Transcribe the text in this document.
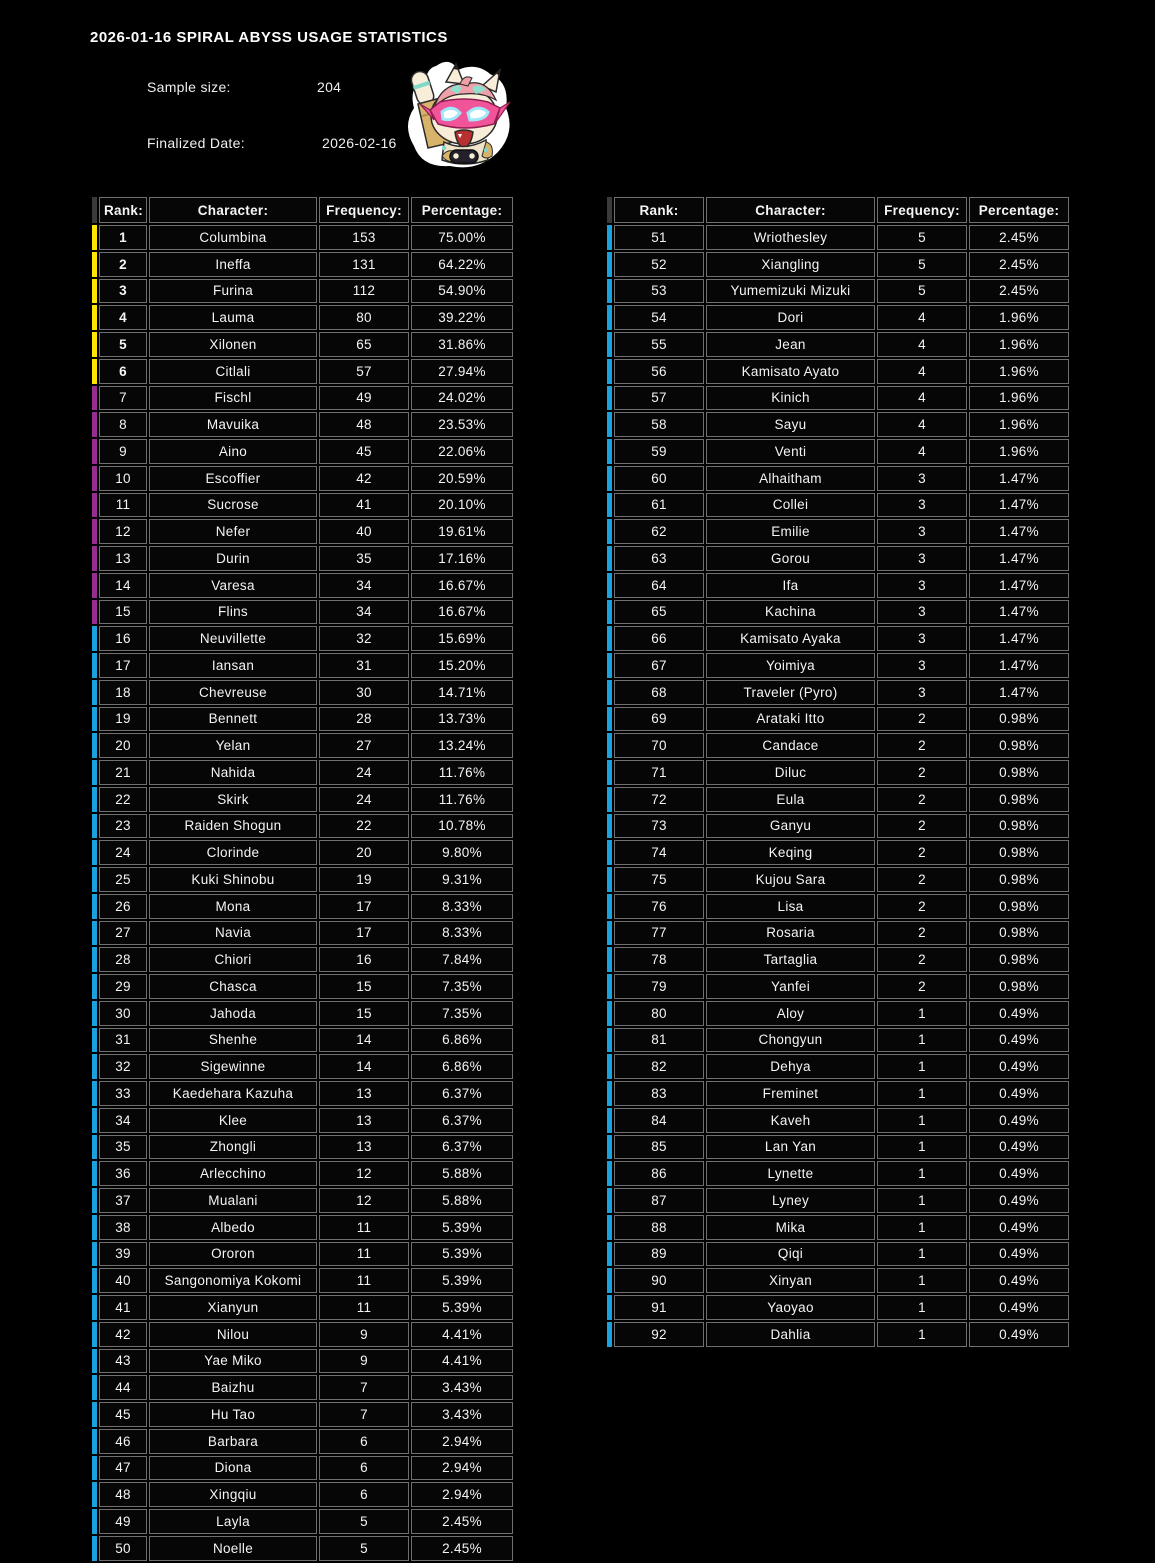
2026-01-16 SPIRAL ABYSS USAGE STATISTICS
Sample size:	204
Finalized Date:	2026-02-16
	Rank:	Character:	Frequency:	Percentage:
	1	Columbina	153	75.00%
	2	Ineffa	131	64.22%
	3	Furina	112	54.90%
	4	Lauma	80	39.22%
	5	Xilonen	65	31.86%
	6	Citlali	57	27.94%
	7	Fischl	49	24.02%
	8	Mavuika	48	23.53%
	9	Aino	45	22.06%
	10	Escoffier	42	20.59%
	11	Sucrose	41	20.10%
	12	Nefer	40	19.61%
	13	Durin	35	17.16%
	14	Varesa	34	16.67%
	15	Flins	34	16.67%
	16	Neuvillette	32	15.69%
	17	Iansan	31	15.20%
	18	Chevreuse	30	14.71%
	19	Bennett	28	13.73%
	20	Yelan	27	13.24%
	21	Nahida	24	11.76%
	22	Skirk	24	11.76%
	23	Raiden Shogun	22	10.78%
	24	Clorinde	20	9.80%
	25	Kuki Shinobu	19	9.31%
	26	Mona	17	8.33%
	27	Navia	17	8.33%
	28	Chiori	16	7.84%
	29	Chasca	15	7.35%
	30	Jahoda	15	7.35%
	31	Shenhe	14	6.86%
	32	Sigewinne	14	6.86%
	33	Kaedehara Kazuha	13	6.37%
	34	Klee	13	6.37%
	35	Zhongli	13	6.37%
	36	Arlecchino	12	5.88%
	37	Mualani	12	5.88%
	38	Albedo	11	5.39%
	39	Ororon	11	5.39%
	40	Sangonomiya Kokomi	11	5.39%
	41	Xianyun	11	5.39%
	42	Nilou	9	4.41%
	43	Yae Miko	9	4.41%
	44	Baizhu	7	3.43%
	45	Hu Tao	7	3.43%
	46	Barbara	6	2.94%
	47	Diona	6	2.94%
	48	Xingqiu	6	2.94%
	49	Layla	5	2.45%
	50	Noelle	5	2.45%
	Rank:	Character:	Frequency:	Percentage:
	51	Wriothesley	5	2.45%
	52	Xiangling	5	2.45%
	53	Yumemizuki Mizuki	5	2.45%
	54	Dori	4	1.96%
	55	Jean	4	1.96%
	56	Kamisato Ayato	4	1.96%
	57	Kinich	4	1.96%
	58	Sayu	4	1.96%
	59	Venti	4	1.96%
	60	Alhaitham	3	1.47%
	61	Collei	3	1.47%
	62	Emilie	3	1.47%
	63	Gorou	3	1.47%
	64	Ifa	3	1.47%
	65	Kachina	3	1.47%
	66	Kamisato Ayaka	3	1.47%
	67	Yoimiya	3	1.47%
	68	Traveler (Pyro)	3	1.47%
	69	Arataki Itto	2	0.98%
	70	Candace	2	0.98%
	71	Diluc	2	0.98%
	72	Eula	2	0.98%
	73	Ganyu	2	0.98%
	74	Keqing	2	0.98%
	75	Kujou Sara	2	0.98%
	76	Lisa	2	0.98%
	77	Rosaria	2	0.98%
	78	Tartaglia	2	0.98%
	79	Yanfei	2	0.98%
	80	Aloy	1	0.49%
	81	Chongyun	1	0.49%
	82	Dehya	1	0.49%
	83	Freminet	1	0.49%
	84	Kaveh	1	0.49%
	85	Lan Yan	1	0.49%
	86	Lynette	1	0.49%
	87	Lyney	1	0.49%
	88	Mika	1	0.49%
	89	Qiqi	1	0.49%
	90	Xinyan	1	0.49%
	91	Yaoyao	1	0.49%
	92	Dahlia	1	0.49%
